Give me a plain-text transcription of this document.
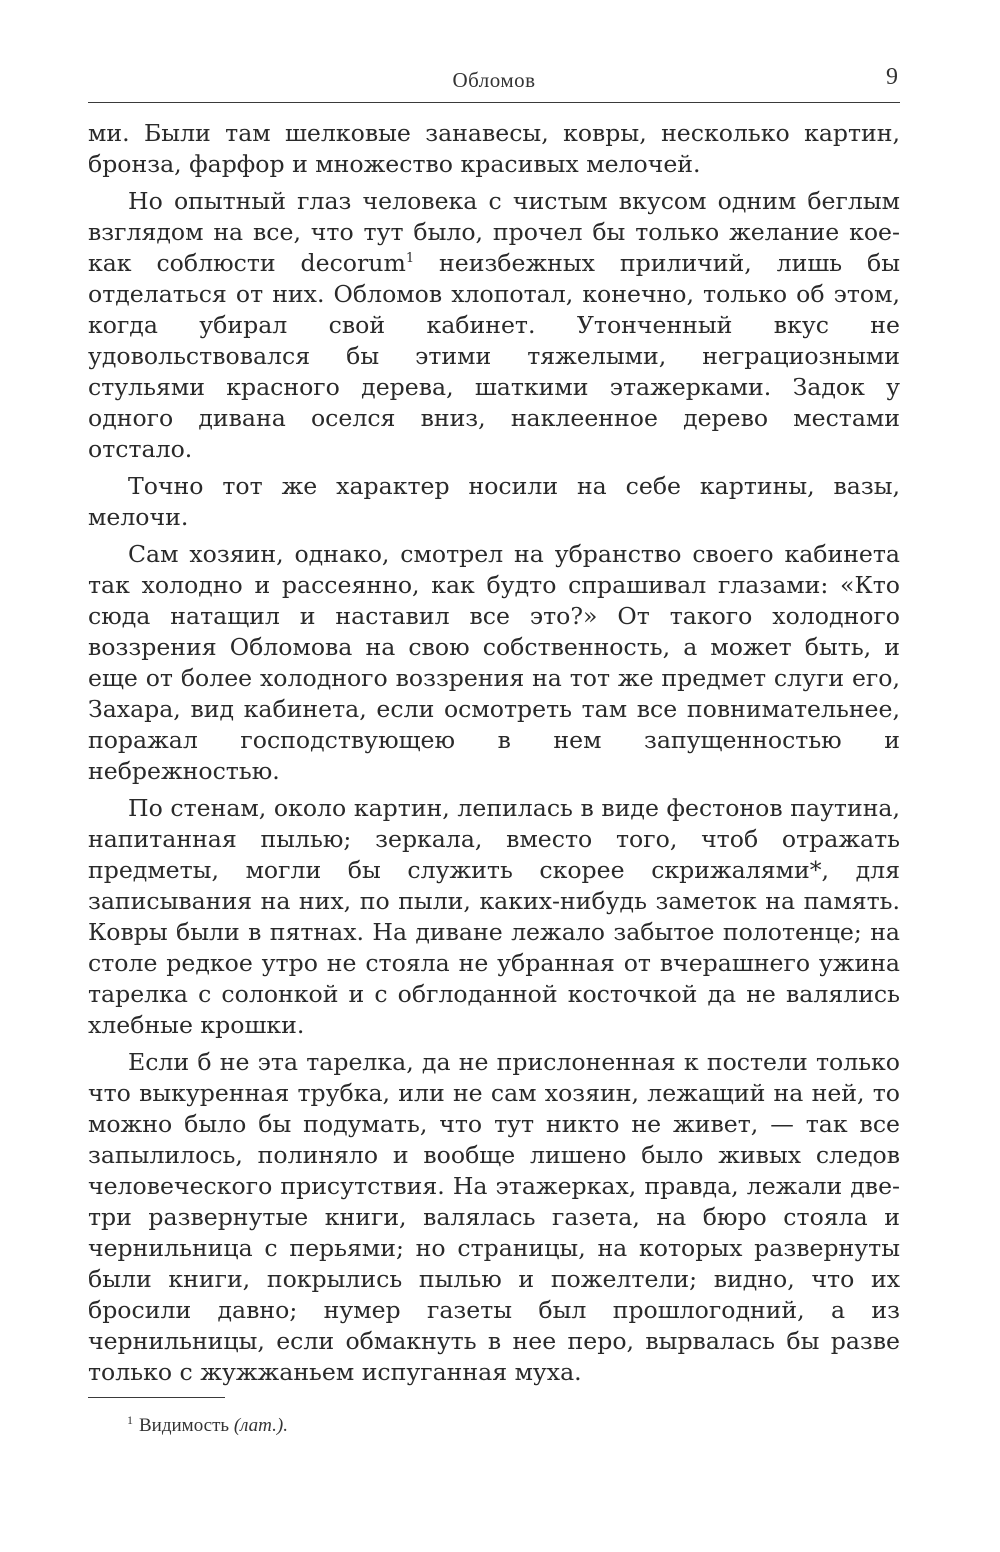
Обломов	9

ми. Были там шелковые занавесы, ковры, несколько картин, бронза, фарфор и множество красивых мелочей.

Но опытный глаз человека с чистым вкусом одним беглым взглядом на все, что тут было, прочел бы только желание кое-как соблюсти decorum$^1$ неизбежных приличий, лишь бы отделаться от них. Обломов хлопотал, конечно, только об этом, когда убирал свой кабинет. Утонченный вкус не удовольствовался бы этими тяжелыми, неграциозными стульями красного дерева, шаткими этажерками. Задок у одного дивана оселся вниз, наклеенное дерево местами отстало.

Точно тот же характер носили на себе картины, вазы, мелочи.

Сам хозяин, однако, смотрел на убранство своего кабинета так холодно и рассеянно, как будто спрашивал глазами: «Кто сюда натащил и наставил все это?» От такого холодного воззрения Обломова на свою собственность, а может быть, и еще от более холодного воззрения на тот же предмет слуги его, Захара, вид кабинета, если осмотреть там все повнимательнее, поражал господствующею в нем запущенностью и небрежностью.

По стенам, около картин, лепилась в виде фестонов паутина, напитанная пылью; зеркала, вместо того, чтоб отражать предметы, могли бы служить скорее скрижалями*, для записывания на них, по пыли, каких-нибудь заметок на память. Ковры были в пятнах. На диване лежало забытое полотенце; на столе редкое утро не стояла не убранная от вчерашнего ужина тарелка с солонкой и с обглоданной косточкой да не валялись хлебные крошки.

Если б не эта тарелка, да не прислоненная к постели только что выкуренная трубка, или не сам хозяин, лежащий на ней, то можно было бы подумать, что тут никто не живет, — так все запылилось, полиняло и вообще лишено было живых следов человеческого присутствия. На этажерках, правда, лежали две-три развернутые книги, валялась газета, на бюро стояла и чернильница с перьями; но страницы, на которых развернуты были книги, покрылись пылью и пожелтели; видно, что их бросили давно; нумер газеты был прошлогодний, а из чернильницы, если обмакнуть в нее перо, вырвалась бы разве только с жужжаньем испуганная муха.

$^1$ Видимость (лат.).
